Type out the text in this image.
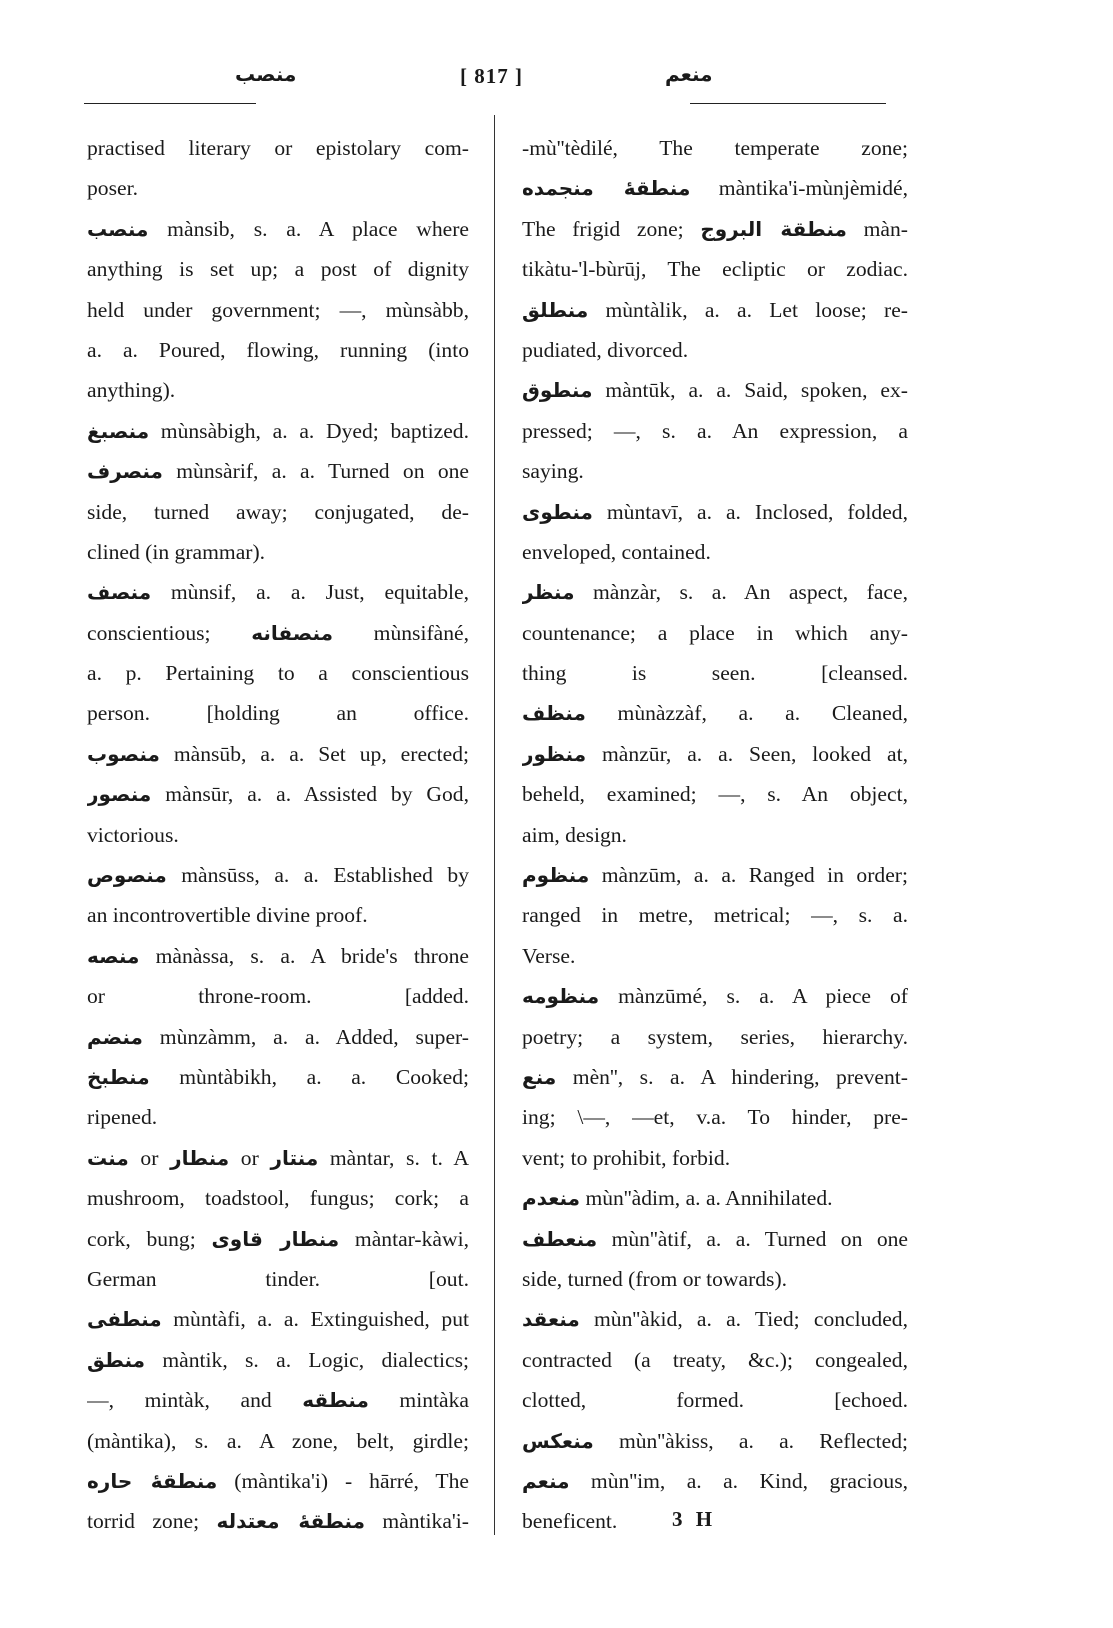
منصب	[ 817 ]	منعم
practised literary or epistolary com-
poser.
منصب mànsib, s. a. A place where
anything is set up; a post of dignity
held under government; —, mùnsàbb,
a. a. Poured, flowing, running (into
anything).
منصبغ mùnsàbigh, a. a. Dyed; baptized.
منصرف mùnsàrif, a. a. Turned on one
side, turned away; conjugated, de-
clined (in grammar).
منصف mùnsif, a. a. Just, equitable,
conscientious; منصفانه mùnsifàné,
a. p. Pertaining to a conscientious
person. [holding an office.
منصوب mànsūb, a. a. Set up, erected;
منصور mànsūr, a. a. Assisted by God,
victorious.
منصوص mànsūss, a. a. Established by
an incontrovertible divine proof.
منصه mànàssa, s. a. A bride's throne
or throne-room. [added.
منضم mùnzàmm, a. a. Added, super-
منطبخ mùntàbikh, a. a. Cooked;
ripened.
منت or منطار or منتار màntar, s. t. A
mushroom, toadstool, fungus; cork; a
cork, bung; منطار قاوی màntar-kàwi,
German tinder. [out.
منطفی mùntàfi, a. a. Extinguished, put
منطق màntik, s. a. Logic, dialectics;
—, mintàk, and منطقه mintàka
(màntika), s. a. A zone, belt, girdle;
منطقهٔ حاره (màntika'i) - hārré, The
torrid zone; منطقهٔ معتدله màntika'i-
-mù''tèdilé, The temperate zone;
منطقهٔ منجمده màntika'i-mùnjèmidé,
The frigid zone; منطقة البروج màn-
tikàtu-'l-bùrūj, The ecliptic or zodiac.
منطلق mùntàlik, a. a. Let loose; re-
pudiated, divorced.
منطوق màntūk, a. a. Said, spoken, ex-
pressed; —, s. a. An expression, a
saying.
منطوی mùntavī, a. a. Inclosed, folded,
enveloped, contained.
منظر mànzàr, s. a. An aspect, face,
countenance; a place in which any-
thing is seen. [cleansed.
منظف mùnàzzàf, a. a. Cleaned,
منظور mànzūr, a. a. Seen, looked at,
beheld, examined; —, s. An object,
aim, design.
منظوم mànzūm, a. a. Ranged in order;
ranged in metre, metrical; —, s. a.
Verse.
منظومه mànzūmé, s. a. A piece of
poetry; a system, series, hierarchy.
منع mèn'', s. a. A hindering, prevent-
ing; \—, —et, v.a. To hinder, pre-
vent; to prohibit, forbid.
منعدم mùn''àdim, a. a. Annihilated.
منعطف mùn''àtif, a. a. Turned on one
side, turned (from or towards).
منعقد mùn''àkid, a. a. Tied; concluded,
contracted (a treaty, &c.); congealed,
clotted, formed. [echoed.
منعكس mùn''àkiss, a. a. Reflected;
منعم mùn''im, a. a. Kind, gracious,
beneficent.	3 H
